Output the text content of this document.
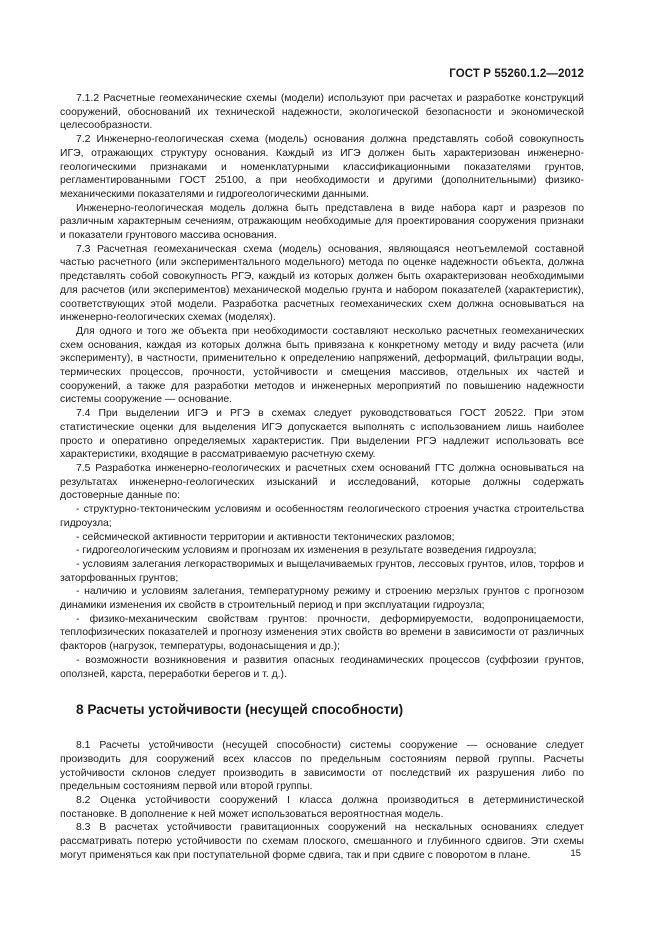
ГОСТ Р 55260.1.2—2012

7.1.2 Расчетные геомеханические схемы (модели) используют при расчетах и разработке конструкций сооружений, обоснований их технической надежности, экологической безопасности и экономической целесообразности.

7.2 Инженерно-геологическая схема (модель) основания должна представлять собой совокупность ИГЭ, отражающих структуру основания. Каждый из ИГЭ должен быть характеризован инженерно-геологическими признаками и номенклатурными классификационными показателями грунтов, регламентированными ГОСТ 25100, а при необходимости и другими (дополнительными) физико-механическими показателями и гидрогеологическими данными.

Инженерно-геологическая модель должна быть представлена в виде набора карт и разрезов по различным характерным сечениям, отражающим необходимые для проектирования сооружения признаки и показатели грунтового массива основания.

7.3 Расчетная геомеханическая схема (модель) основания, являющаяся неотъемлемой составной частью расчетного (или экспериментального модельного) метода по оценке надежности объекта, должна представлять собой совокупность РГЭ, каждый из которых должен быть охарактеризован необходимыми для расчетов (или экспериментов) механической моделью грунта и набором показателей (характеристик), соответствующих этой модели. Разработка расчетных геомеханических схем должна основываться на инженерно-геологических схемах (моделях).

Для одного и того же объекта при необходимости составляют несколько расчетных геомеханических схем основания, каждая из которых должна быть привязана к конкретному методу и виду расчета (или эксперименту), в частности, применительно к определению напряжений, деформаций, фильтрации воды, термических процессов, прочности, устойчивости и смещения массивов, отдельных их частей и сооружений, а также для разработки методов и инженерных мероприятий по повышению надежности системы сооружение — основание.

7.4 При выделении ИГЭ и РГЭ в схемах следует руководствоваться ГОСТ 20522. При этом статистические оценки для выделения ИГЭ допускается выполнять с использованием лишь наиболее просто и оперативно определяемых характеристик. При выделении РГЭ надлежит использовать все характеристики, входящие в рассматриваемую расчетную схему.

7.5 Разработка инженерно-геологических и расчетных схем оснований ГТС должна основываться на результатах инженерно-геологических изысканий и исследований, которые должны содержать достоверные данные по:

- структурно-тектоническим условиям и особенностям геологического строения участка строительства гидроузла;

- сейсмической активности территории и активности тектонических разломов;

- гидрогеологическим условиям и прогнозам их изменения в результате возведения гидроузла;

- условиям залегания легкорастворимых и выщелачиваемых грунтов, лессовых грунтов, илов, торфов и заторфованных грунтов;

- наличию и условиям залегания, температурному режиму и строению мерзлых грунтов с прогнозом динамики изменения их свойств в строительный период и при эксплуатации гидроузла;

- физико-механическим свойствам грунтов: прочности, деформируемости, водопроницаемости, теплофизических показателей и прогнозу изменения этих свойств во времени в зависимости от различных факторов (нагрузок, температуры, водонасыщения и др.);

- возможности возникновения и развития опасных геодинамических процессов (суффозии грунтов, оползней, карста, переработки берегов и т. д.).

8 Расчеты устойчивости (несущей способности)

8.1 Расчеты устойчивости (несущей способности) системы сооружение — основание следует производить для сооружений всех классов по предельным состояниям первой группы. Расчеты устойчивости склонов следует производить в зависимости от последствий их разрушения либо по предельным состояниям первой или второй группы.

8.2 Оценка устойчивости сооружений I класса должна производиться в детерминистической постановке. В дополнение к ней может использоваться вероятностная модель.

8.3 В расчетах устойчивости гравитационных сооружений на нескальных основаниях следует рассматривать потерю устойчивости по схемам плоского, смешанного и глубинного сдвигов. Эти схемы могут применяться как при поступательной форме сдвига, так и при сдвиге с поворотом в плане.	15
